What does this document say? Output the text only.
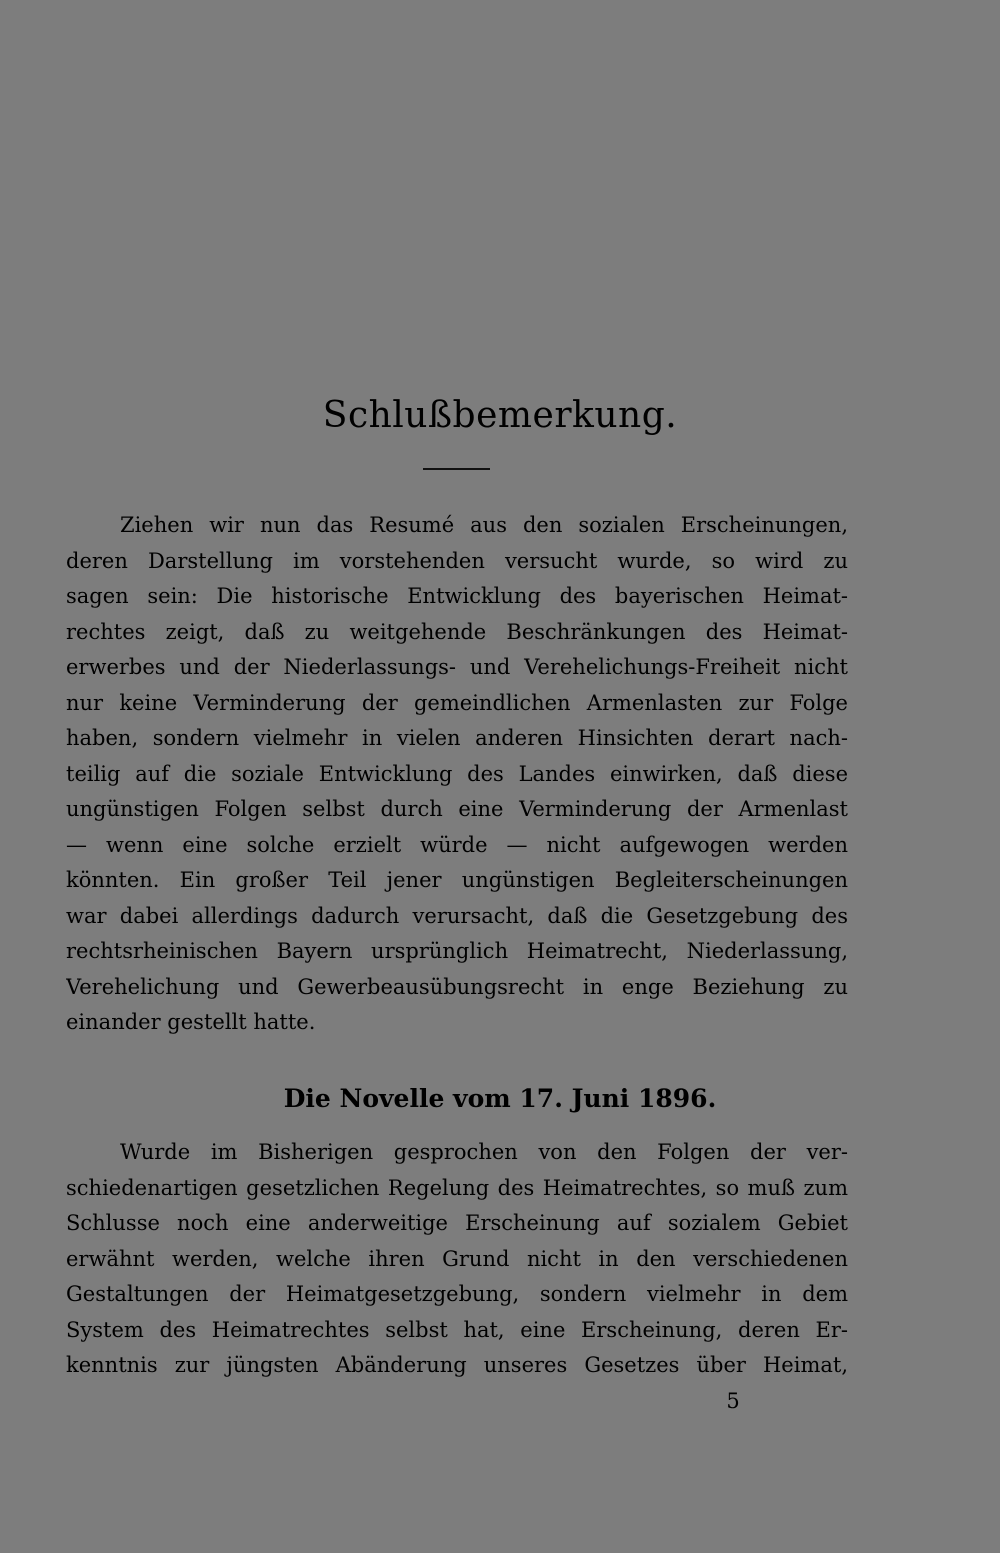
Schlußbemerkung.
Ziehen wir nun das Resumé aus den sozialen Erscheinungen,
deren Darstellung im vorstehenden versucht wurde, so wird zu
sagen sein: Die historische Entwicklung des bayerischen Heimat-
rechtes zeigt, daß zu weitgehende Beschränkungen des Heimat-
erwerbes und der Niederlassungs- und Verehelichungs-Freiheit nicht
nur keine Verminderung der gemeindlichen Armenlasten zur Folge
haben, sondern vielmehr in vielen anderen Hinsichten derart nach-
teilig auf die soziale Entwicklung des Landes einwirken, daß diese
ungünstigen Folgen selbst durch eine Verminderung der Armenlast
— wenn eine solche erzielt würde — nicht aufgewogen werden
könnten. Ein großer Teil jener ungünstigen Begleiterscheinungen
war dabei allerdings dadurch verursacht, daß die Gesetzgebung des
rechtsrheinischen Bayern ursprünglich Heimatrecht, Niederlassung,
Verehelichung und Gewerbeausübungsrecht in enge Beziehung zu
einander gestellt hatte.
Die Novelle vom 17. Juni 1896.
Wurde im Bisherigen gesprochen von den Folgen der ver-
schiedenartigen gesetzlichen Regelung des Heimatrechtes, so muß zum
Schlusse noch eine anderweitige Erscheinung auf sozialem Gebiet
erwähnt werden, welche ihren Grund nicht in den verschiedenen
Gestaltungen der Heimatgesetzgebung, sondern vielmehr in dem
System des Heimatrechtes selbst hat, eine Erscheinung, deren Er-
kenntnis zur jüngsten Abänderung unseres Gesetzes über Heimat,
5
